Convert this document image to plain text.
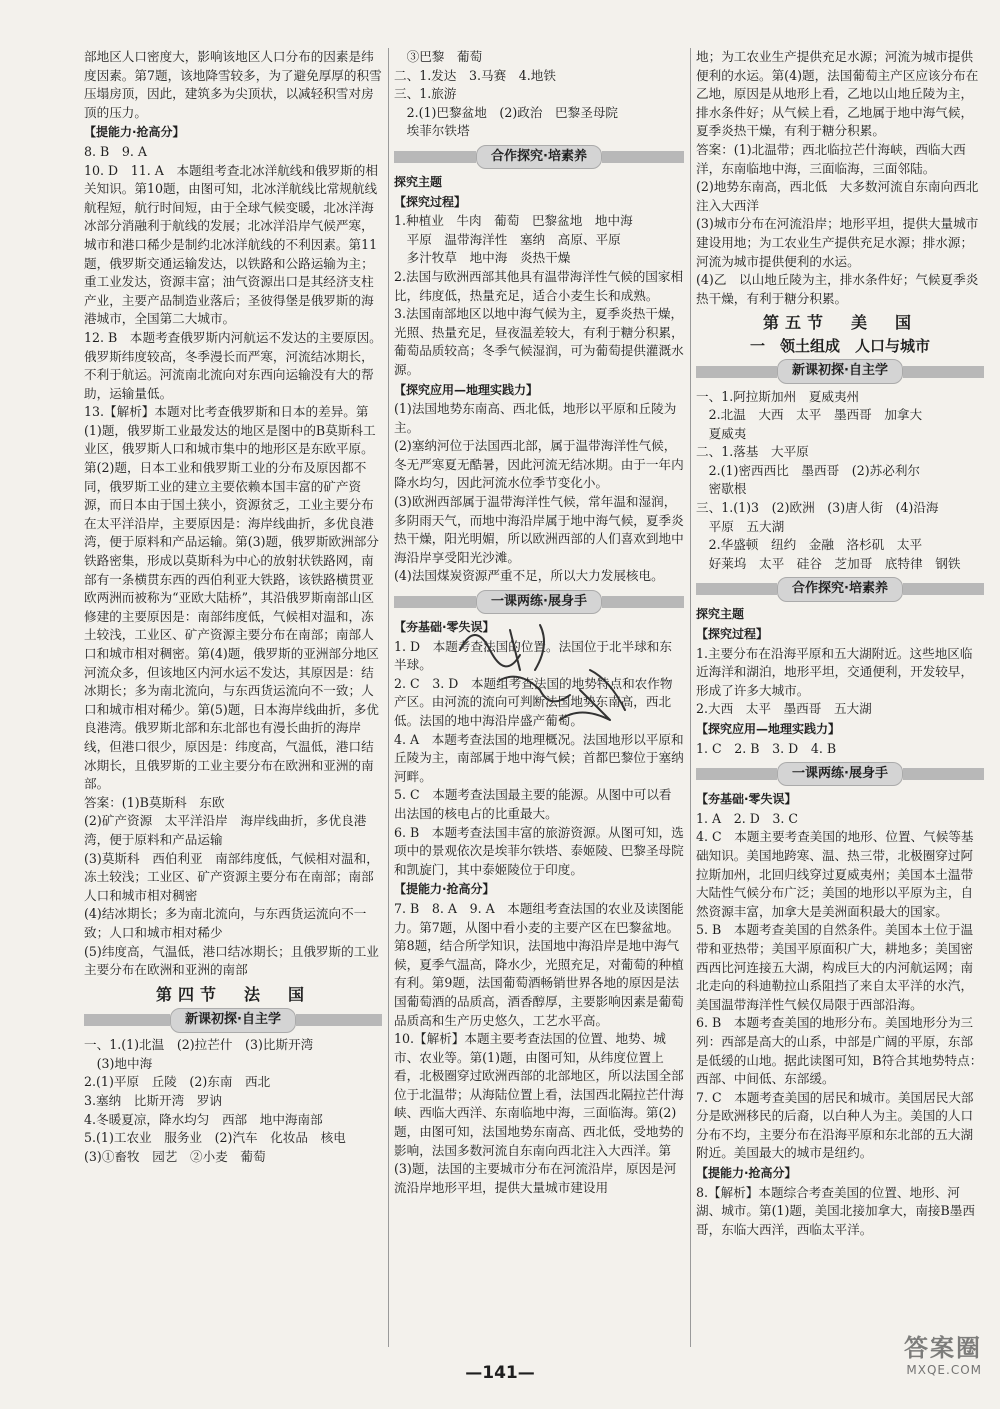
部地区人口密度大，影响该地区人口分布的因素是纬度因素。第7题，该地降雪较多，为了避免厚厚的积雪压塌房顶，因此，建筑多为尖顶状，以减轻积雪对房顶的压力。
【提能力·抢高分】
8. B　9. A
10. D　11. A　本题组考查北冰洋航线和俄罗斯的相关知识。第10题，由图可知，北冰洋航线比常规航线航程短，航行时间短，由于全球气候变暖，北冰洋海冰部分消融利于航线的发展；北冰洋沿岸气候严寒，城市和港口稀少是制约北冰洋航线的不利因素。第11题，俄罗斯交通运输发达，以铁路和公路运输为主；重工业发达，资源丰富；油气资源出口是其经济支柱产业，主要产品制造业落后；圣彼得堡是俄罗斯的海港城市，全国第二大城市。
12. B　本题考查俄罗斯内河航运不发达的主要原因。俄罗斯纬度较高，冬季漫长而严寒，河流结冰期长，不利于航运。河流南北流向对东西向运输没有大的帮助，运输量低。
13.【解析】本题对比考查俄罗斯和日本的差异。第(1)题，俄罗斯工业最发达的地区是图中的B莫斯科工业区，俄罗斯人口和城市集中的地形区是东欧平原。第(2)题，日本工业和俄罗斯工业的分布及原因都不同，俄罗斯工业的建立主要依赖本国丰富的矿产资源，而日本由于国土狭小，资源贫乏，工业主要分布在太平洋沿岸，主要原因是：海岸线曲折，多优良港湾，便于原料和产品运输。第(3)题，俄罗斯欧洲部分铁路密集，形成以莫斯科为中心的放射状铁路网，南部有一条横贯东西的西伯利亚大铁路，该铁路横贯亚欧两洲而被称为“亚欧大陆桥”，其沿俄罗斯南部山区修建的主要原因是：南部纬度低，气候相对温和，冻土较浅，工业区、矿产资源主要分布在南部；南部人口和城市相对稠密。第(4)题，俄罗斯的亚洲部分地区河流众多，但该地区内河水运不发达，其原因是：结冰期长；多为南北流向，与东西货运流向不一致；人口和城市相对稀少。第(5)题，日本海岸线曲折，多优良港湾。俄罗斯北部和东北部也有漫长曲折的海岸线，但港口很少，原因是：纬度高，气温低，港口结冰期长，且俄罗斯的工业主要分布在欧洲和亚洲的南部。
答案：(1)B莫斯科　东欧
(2)矿产资源　太平洋沿岸　海岸线曲折，多优良港湾，便于原料和产品运输
(3)莫斯科　西伯利亚　南部纬度低，气候相对温和，冻土较浅；工业区、矿产资源主要分布在南部；南部人口和城市相对稠密
(4)结冰期长；多为南北流向，与东西货运流向不一致；人口和城市相对稀少
(5)纬度高，气温低，港口结冰期长；且俄罗斯的工业主要分布在欧洲和亚洲的南部
第四节　法　国
新课初探·自主学
一、1.(1)北温　(2)拉芒什　(3)比斯开湾
　(3)地中海
2.(1)平原　丘陵　(2)东南　西北
3.塞纳　比斯开湾　罗讷
4.冬暖夏凉，降水均匀　西部　地中海南部
5.(1)工农业　服务业　(2)汽车　化妆品　核电
(3)①畜牧　园艺　②小麦　葡萄
　③巴黎　葡萄
二、1.发达　3.马赛　4.地铁
三、1.旅游
　2.(1)巴黎盆地　(2)政治　巴黎圣母院
　埃菲尔铁塔
合作探究·培素养
探究主题
【探究过程】
1.种植业　牛肉　葡萄　巴黎盆地　地中海
　平原　温带海洋性　塞纳　高原、平原
　多汁牧草　地中海　炎热干燥
2.法国与欧洲西部其他具有温带海洋性气候的国家相比，纬度低，热量充足，适合小麦生长和成熟。
3.法国南部地区以地中海气候为主，夏季炎热干燥，光照、热量充足，昼夜温差较大，有利于糖分积累，葡萄品质较高；冬季气候湿润，可为葡萄提供灌溉水源。
【探究应用—地理实践力】
(1)法国地势东南高、西北低，地形以平原和丘陵为主。
(2)塞纳河位于法国西北部，属于温带海洋性气候，冬无严寒夏无酷暑，因此河流无结冰期。由于一年内降水均匀，因此河流水位季节变化小。
(3)欧洲西部属于温带海洋性气候，常年温和湿润，多阴雨天气，而地中海沿岸属于地中海气候，夏季炎热干燥，阳光明媚，所以欧洲西部的人们喜欢到地中海沿岸享受阳光沙滩。
(4)法国煤炭资源严重不足，所以大力发展核电。
一课两练·展身手
【夯基础·零失误】
1. D　本题考查法国的位置。法国位于北半球和东半球。
2. C　3. D　本题组考查法国的地势特点和农作物产区。由河流的流向可判断法国地势东南高，西北低。法国的地中海沿岸盛产葡萄。
4. A　本题考查法国的地理概况。法国地形以平原和丘陵为主，南部属于地中海气候；首都巴黎位于塞纳河畔。
5. C　本题考查法国最主要的能源。从图中可以看出法国的核电占的比重最大。
6. B　本题考查法国丰富的旅游资源。从图可知，选项中的景观依次是埃菲尔铁塔、泰姬陵、巴黎圣母院和凯旋门，其中泰姬陵位于印度。
【提能力·抢高分】
7. B　8. A　9. A　本题组考查法国的农业及读图能力。第7题，从图中看小麦的主要产区在巴黎盆地。第8题，结合所学知识，法国地中海沿岸是地中海气候，夏季气温高，降水少，光照充足，对葡萄的种植有利。第9题，法国葡萄酒畅销世界各地的原因是法国葡萄酒的品质高，酒香醇厚，主要影响因素是葡萄品质高和生产历史悠久，工艺水平高。
10.【解析】本题主要考查法国的位置、地势、城市、农业等。第(1)题，由图可知，从纬度位置上看，北极圈穿过欧洲西部的北部地区，所以法国全部位于北温带；从海陆位置上看，法国西北隔拉芒什海峡、西临大西洋、东南临地中海，三面临海。第(2)题，由图可知，法国地势东南高、西北低，受地势的影响，法国多数河流自东南向西北注入大西洋。第(3)题，法国的主要城市分布在河流沿岸，原因是河流沿岸地形平坦，提供大量城市建设用
地；为工农业生产提供充足水源；河流为城市提供便利的水运。第(4)题，法国葡萄主产区应该分布在乙地，原因是从地形上看，乙地以山地丘陵为主，排水条件好；从气候上看，乙地属于地中海气候，夏季炎热干燥，有利于糖分积累。
答案：(1)北温带；西北临拉芒什海峡，西临大西洋，东南临地中海，三面临海，三面邻陆。
(2)地势东南高，西北低　大多数河流自东南向西北注入大西洋
(3)城市分布在河流沿岸；地形平坦，提供大量城市建设用地；为工农业生产提供充足水源；排水源；河流为城市提供便利的水运。
(4)乙　以山地丘陵为主，排水条件好；气候夏季炎热干燥，有利于糖分积累。
第五节　美　国
一　领土组成　人口与城市
新课初探·自主学
一、1.阿拉斯加州　夏威夷州
　2.北温　大西　太平　墨西哥　加拿大
　夏威夷
二、1.落基　大平原
　2.(1)密西西比　墨西哥　(2)苏必利尔
　密歇根
三、1.(1)3　(2)欧洲　(3)唐人街　(4)沿海
　平原　五大湖
　2.华盛顿　纽约　金融　洛杉矶　太平
　好莱坞　太平　硅谷　芝加哥　底特律　钢铁
合作探究·培素养
探究主题
【探究过程】
1.主要分布在沿海平原和五大湖附近。这些地区临近海洋和湖泊，地形平坦，交通便利，开发较早，形成了许多大城市。
2.大西　太平　墨西哥　五大湖
【探究应用—地理实践力】
1. C　2. B　3. D　4. B
一课两练·展身手
【夯基础·零失误】
1. A　2. D　3. C
4. C　本题主要考查美国的地形、位置、气候等基础知识。美国地跨寒、温、热三带，北极圈穿过阿拉斯加州，北回归线穿过夏威夷州；美国本土温带大陆性气候分布广泛；美国的地形以平原为主，自然资源丰富，加拿大是美洲面积最大的国家。
5. B　本题考查美国的自然条件。美国本土位于温带和亚热带；美国平原面积广大，耕地多；美国密西西比河连接五大湖，构成巨大的内河航运网；南北走向的科迪勒拉山系阻挡了来自太平洋的水汽，美国温带海洋性气候仅局限于西部沿海。
6. B　本题考查美国的地形分布。美国地形分为三列：西部是高大的山系，中部是广阔的平原，东部是低缓的山地。据此读图可知，B符合其地势特点：西部、中间低、东部缓。
7. C　本题考查美国的居民和城市。美国居民大部分是欧洲移民的后裔，以白种人为主。美国的人口分布不均，主要分布在沿海平原和东北部的五大湖附近。美国最大的城市是纽约。
【提能力·抢高分】
8.【解析】本题综合考查美国的位置、地形、河湖、城市。第(1)题，美国北接加拿大，南接B墨西哥，东临大西洋，西临太平洋。
—141—
答案圈
MXQE.COM
